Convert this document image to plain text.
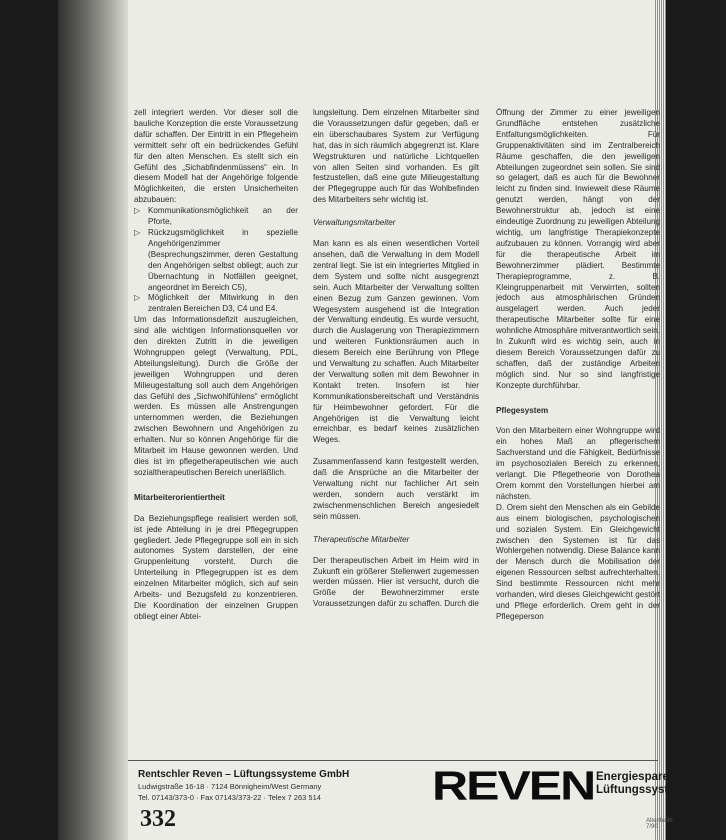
zell integriert werden. Vor dieser soll die bauliche Konzeption die erste Voraussetzung dafür schaffen. Der Eintritt in ein Pflegeheim vermittelt sehr oft ein bedrückendes Gefühl für den alten Menschen. Es stellt sich ein Gefühl des „Sichabfindenmüssens“ ein. In diesem Modell hat der Angehörige folgende Möglichkeiten, die ersten Unsicherheiten abzubauen:

▷ Kommunikationsmöglichkeit an der Pforte,
▷ Rückzugsmöglichkeit in spezielle Angehörigenzimmer (Besprechungszimmer, deren Gestaltung den Angehörigen selbst obliegt; auch zur Übernachtung in Notfällen geeignet, angeordnet im Bereich C5),
▷ Möglichkeit der Mitwirkung in den zentralen Bereichen D3, C4 und E4.

Um das Informationsdefizit auszugleichen, sind alle wichtigen Informationsquellen vor den direkten Zutritt in die jeweiligen Wohngruppen gelegt (Verwaltung, PDL, Abteilungsleitung). Durch die Größe der jeweiligen Wohngruppen und deren Milieugestaltung soll auch dem Angehörigen das Gefühl des „Sichwohlfühlens“ ermöglicht werden. Es müssen alle Anstrengungen unternommen werden, die Beziehungen zwischen Bewohnern und Angehörigen zu erhalten. Nur so können Angehörige für die Mitarbeit im Hause gewonnen werden. Und dies ist im pflegetherapeutischen wie auch sozialtherapeutischen Bereich unerläßlich.

Mitarbeiterorientiertheit

Da Beziehungspflege realisiert werden soll, ist jede Abteilung in je drei Pflegegruppen gegliedert. Jede Pflegegruppe soll ein in sich autonomes System darstellen, der eine Gruppenleitung vorsteht. Durch die Unterteilung in Pflegegruppen ist es dem einzelnen Mitarbeiter möglich, sich auf sein Arbeits- und Bezugsfeld zu konzentrieren. Die Koordination der einzelnen Gruppen obliegt einer Abtei-

lungsleitung. Dem einzelnen Mitarbeiter sind die Voraussetzungen dafür gegeben, daß er ein überschaubares System zur Verfügung hat, das in sich räumlich abgegrenzt ist. Klare Wegstrukturen und natürliche Lichtquellen von allen Seiten sind vorhanden. Es gilt festzustellen, daß eine gute Milieugestaltung der Pflegegruppe auch für das Wohlbefinden des Mitarbeiters sehr wichtig ist.

Verwaltungsmitarbeiter

Man kann es als einen wesentlichen Vorteil ansehen, daß die Verwaltung in dem Modell zentral liegt. Sie ist ein integriertes Mitglied in dem System und sollte nicht ausgegrenzt sein. Auch Mitarbeiter der Verwaltung sollten einen Bezug zum Ganzen gewinnen. Vom Wegesystem ausgehend ist die Integration der Verwaltung eindeutig. Es wurde versucht, durch die Auslagerung von Therapiezimmern und weiteren Funktionsräumen auch in diesem Bereich eine Berührung von Pflege und Verwaltung zu schaffen. Auch Mitarbeiter der Verwaltung sollen mit dem Bewohner in Kontakt treten. Insofern ist hier Kommunikationsbereitschaft und Verständnis für Heimbewohner gefordert. Für die Angehörigen ist die Verwaltung leicht erreichbar, es bedarf keines zusätzlichen Weges.

Zusammenfassend kann festgestellt werden, daß die Ansprüche an die Mitarbeiter der Verwaltung nicht nur fachlicher Art sein werden, sondern auch verstärkt im zwischenmenschlichen Bereich angesiedelt sein müssen.

Therapeutische Mitarbeiter

Der therapeutischen Arbeit im Heim wird in Zukunft ein größerer Stellenwert zugemessen werden müssen. Hier ist versucht, durch die Größe der Bewohnerzimmer erste Voraussetzungen dafür zu schaffen. Durch die

Öffnung der Zimmer zu einer jeweiligen Grundfläche entstehen zusätzliche Entfaltungsmöglichkeiten. Für Gruppenaktivitäten sind im Zentralbereich Räume geschaffen, die den jeweiligen Abteilungen zugeordnet sein sollen. Sie sind so gelagert, daß es auch für die Bewohner leicht zu finden sind. Inwieweit diese Räume genutzt werden, hängt von der Bewohnerstruktur ab, jedoch ist eine eindeutige Zuordnung zu jeweiligen Abteilung wichtig, um langfristige Therapiekonzepte aufzubauen zu können. Vorrangig wird aber für die therapeutische Arbeit im Bewohnerzimmer plädiert. Bestimmte Therapieprogramme, z. B. Kleingruppenarbeit mit Verwirrten, sollten jedoch aus atmosphärischen Gründen ausgelagert werden. Auch jeder therapeutische Mitarbeiter sollte für eine wohnliche Atmosphäre mitverantwortlich sein. In Zukunft wird es wichtig sein, auch in diesem Bereich Voraussetzungen dafür zu schaffen, daß der zuständige Arbeiten möglich sind. Nur so sind langfristige Konzepte durchführbar.

Pflegesystem

Von den Mitarbeitern einer Wohngruppe wird ein hohes Maß an pflegerischem Sachverstand und die Fähigkeit, Bedürfnisse im psychosozialen Bereich zu erkennen, verlangt. Die Pflegetheorie von Dorothea Orem kommt den Vorstellungen hierbei am nächsten.

D. Orem sieht den Menschen als ein Gebilde aus einem biologischen, psychologischen und sozialen System. Ein Gleichgewicht zwischen den Systemen ist für das Wohlergehen notwendig. Diese Balance kann der Mensch durch die Mobilisation der eigenen Ressourcen selbst aufrechterhalten. Sind bestimmte Ressourcen nicht mehr vorhanden, wird dieses Gleichgewicht gestört und Pflege erforderlich. Orem geht in der Pflegeperson

Rentschler Reven – Lüftungssysteme GmbH
Ludwigstraße 16-18 · 7124 Bönnigheim/West Germany
Tel. 07143/373-0 · Fax 07143/373-22 · Telex 7 263 514	REVEN Energiesparende
Lüftungssysteme
332	Altenheim 7/90
